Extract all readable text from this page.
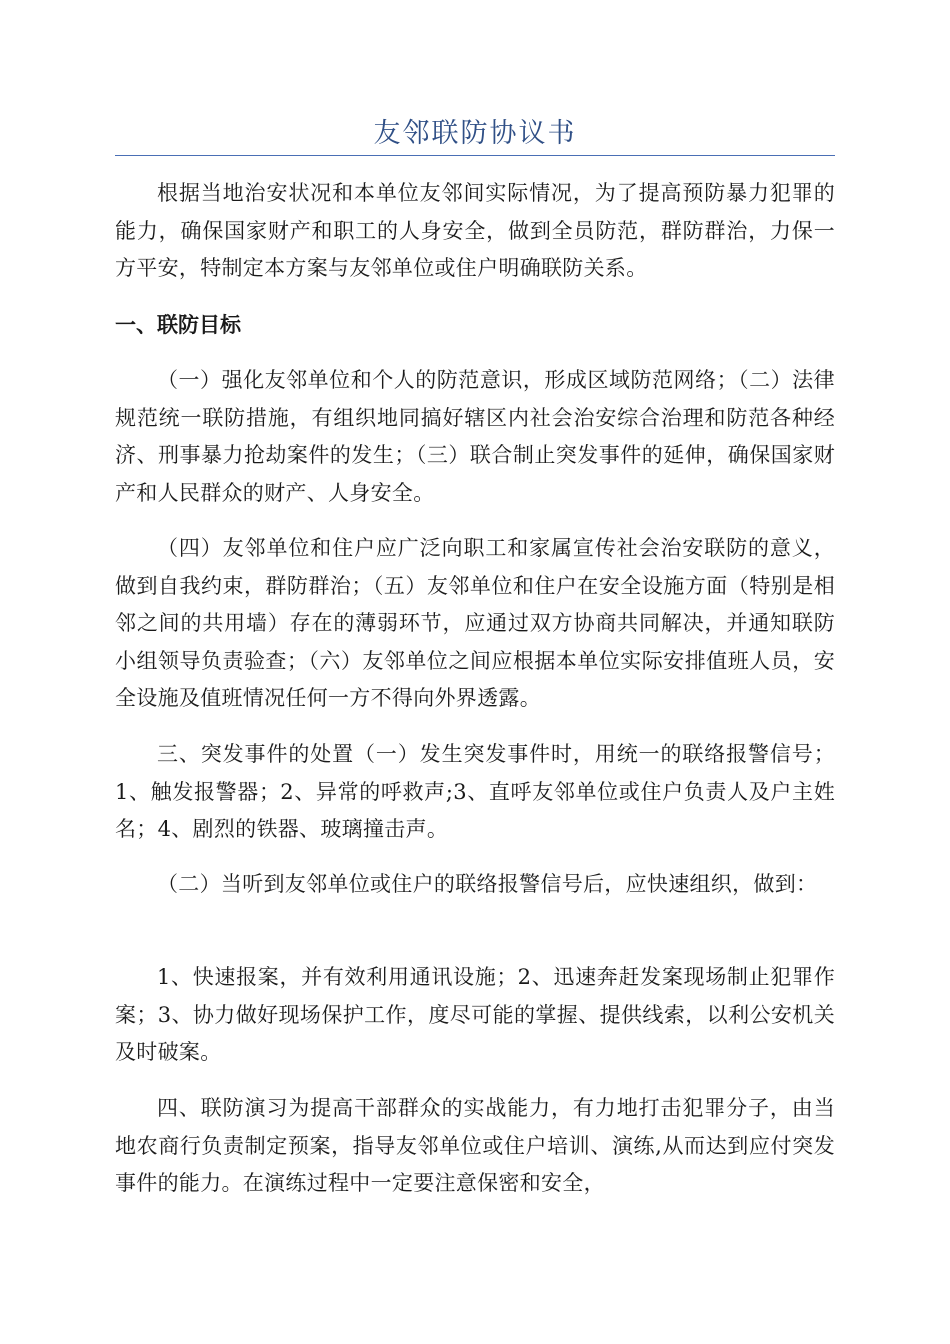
友邻联防协议书

根据当地治安状况和本单位友邻间实际情况，为了提高预防暴力犯罪的能力，确保国家财产和职工的人身安全，做到全员防范，群防群治，力保一方平安，特制定本方案与友邻单位或住户明确联防关系。

一、联防目标

（一）强化友邻单位和个人的防范意识，形成区域防范网络；（二）法律规范统一联防措施，有组织地同搞好辖区内社会治安综合治理和防范各种经济、刑事暴力抢劫案件的发生；（三）联合制止突发事件的延伸，确保国家财产和人民群众的财产、人身安全。

（四）友邻单位和住户应广泛向职工和家属宣传社会治安联防的意义，做到自我约束，群防群治；（五）友邻单位和住户在安全设施方面（特别是相邻之间的共用墙）存在的薄弱环节，应通过双方协商共同解决，并通知联防小组领导负责验查；（六）友邻单位之间应根据本单位实际安排值班人员，安全设施及值班情况任何一方不得向外界透露。

三、突发事件的处置（一）发生突发事件时，用统一的联络报警信号；1、触发报警器；2、异常的呼救声;3、直呼友邻单位或住户负责人及户主姓名；4、剧烈的铁器、玻璃撞击声。

（二）当听到友邻单位或住户的联络报警信号后，应快速组织，做到：

1、快速报案，并有效利用通讯设施；2、迅速奔赶发案现场制止犯罪作案；3、协力做好现场保护工作，度尽可能的掌握、提供线索，以利公安机关及时破案。

四、联防演习为提高干部群众的实战能力，有力地打击犯罪分子，由当地农商行负责制定预案，指导友邻单位或住户培训、演练,从而达到应付突发事件的能力。在演练过程中一定要注意保密和安全，
